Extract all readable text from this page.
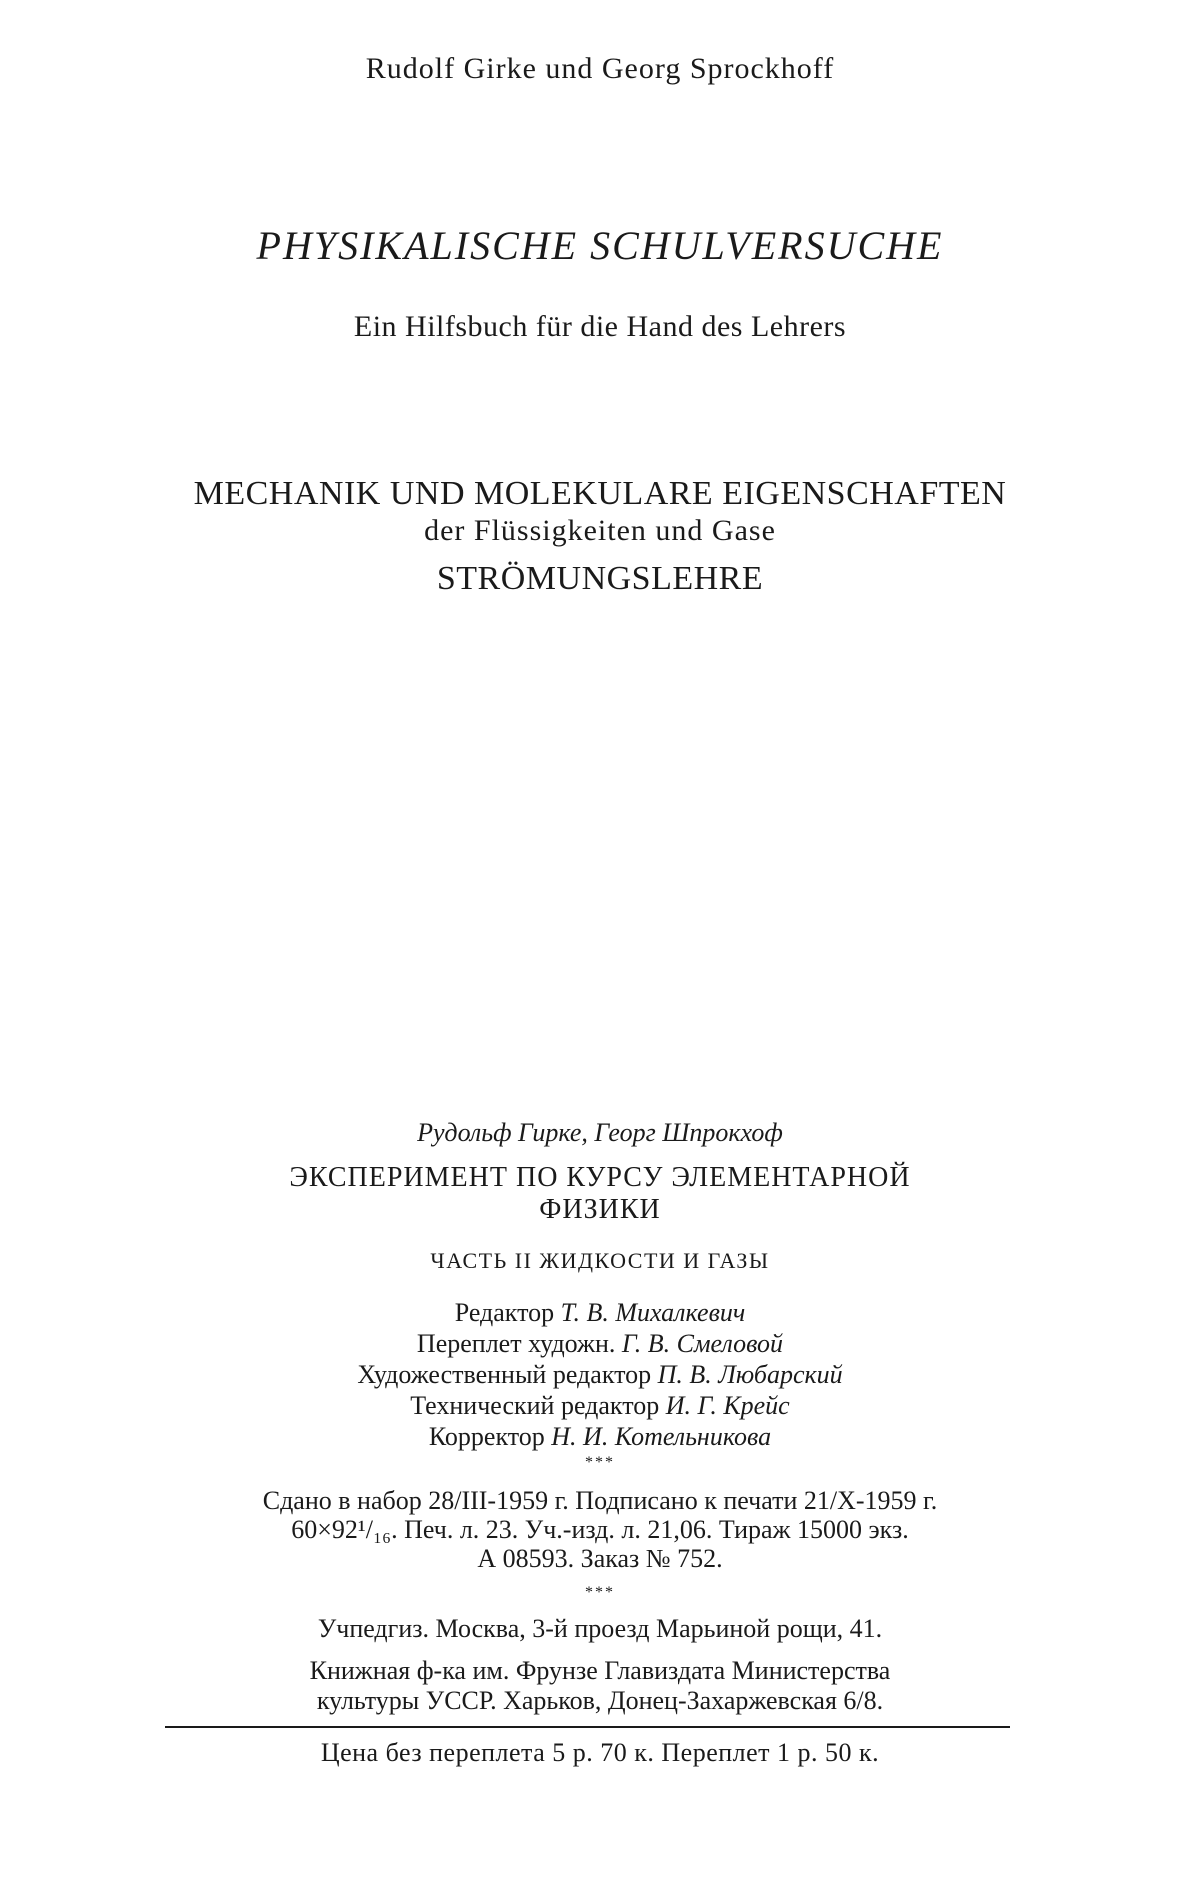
Rudolf Girke und Georg Sprockhoff
PHYSIKALISCHE SCHULVERSUCHE
Ein Hilfsbuch für die Hand des Lehrers
MECHANIK UND MOLEKULARE EIGENSCHAFTEN
der Flüssigkeiten und Gase
STRÖMUNGSLEHRE
Рудольф Гирке, Георг Шпрокхоф
ЭКСПЕРИМЕНТ ПО КУРСУ ЭЛЕМЕНТАРНОЙ
ФИЗИКИ
ЧАСТЬ II ЖИДКОСТИ И ГАЗЫ
Редактор Т. В. Михалкевич
Переплет художн. Г. В. Смеловой
Художественный редактор П. В. Любарский
Технический редактор И. Г. Крейс
Корректор Н. И. Котельникова
***
Сдано в набор 28/III-1959 г. Подписано к печати 21/X-1959 г.
60×92¹/₁₆. Печ. л. 23. Уч.-изд. л. 21,06. Тираж 15000 экз.
А 08593. Заказ № 752.
***
Учпедгиз. Москва, 3-й проезд Марьиной рощи, 41.
Книжная ф-ка им. Фрунзе Главиздата Министерства
культуры УССР. Харьков, Донец-Захаржевская 6/8.
Цена без переплета 5 р. 70 к. Переплет 1 р. 50 к.
